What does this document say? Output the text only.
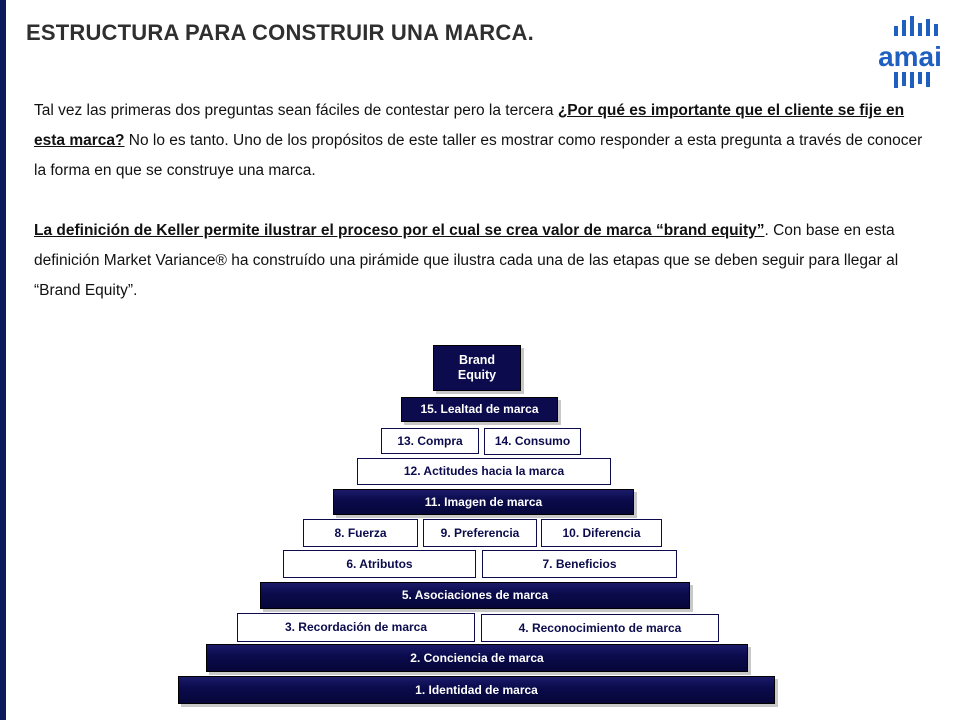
ESTRUCTURA PARA CONSTRUIR UNA MARCA.
amai

Tal vez las primeras dos preguntas sean fáciles de contestar pero la tercera ¿Por qué es importante que el cliente se fije en esta marca? No lo es tanto. Uno de los propósitos de este taller es mostrar como responder a esta pregunta a través de conocer la forma en que se construye una marca.

La definición de Keller permite ilustrar el proceso por el cual se crea valor de marca “brand equity”. Con base en esta definición Market Variance® ha construído una pirámide que ilustra cada una de las etapas que se deben seguir para llegar al “Brand Equity”.

Brand Equity
15. Lealtad de marca
13. Compra	14. Consumo
12. Actitudes hacia la marca
11. Imagen de marca
8. Fuerza	9. Preferencia	10. Diferencia
6. Atributos	7. Beneficios
5. Asociaciones de marca
3. Recordación de marca	4. Reconocimiento de marca
2. Conciencia de marca
1. Identidad de marca
